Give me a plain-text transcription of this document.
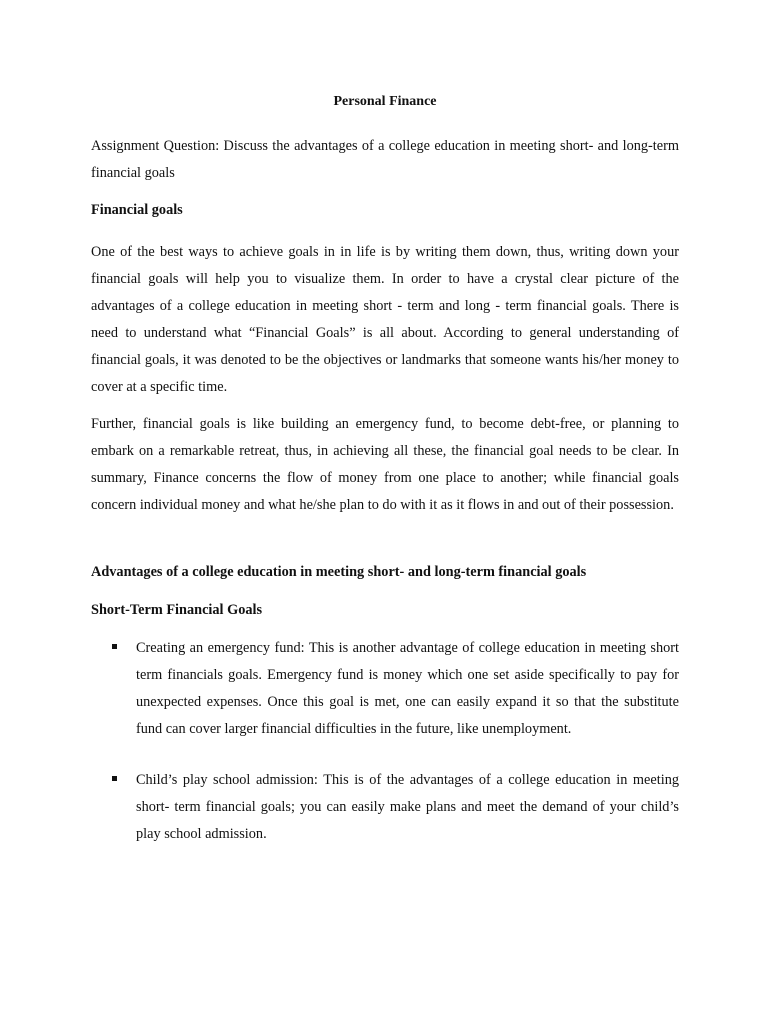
Personal Finance

Assignment Question: Discuss the advantages of a college education in meeting short- and long-term financial goals

Financial goals

One of the best ways to achieve goals in in life is by writing them down, thus, writing down your financial goals will help you to visualize them. In order to have a crystal clear picture of the advantages of a college education in meeting short - term and long - term financial goals. There is need to understand what “Financial Goals” is all about. According to general understanding of financial goals, it was denoted to be the objectives or landmarks that someone wants his/her money to cover at a specific time.

Further, financial goals is like building an emergency fund, to become debt-free, or planning to embark on a remarkable retreat, thus, in achieving all these, the financial goal needs to be clear. In summary, Finance concerns the flow of money from one place to another; while financial goals concern individual money and what he/she plan to do with it as it flows in and out of their possession.

Advantages of a college education in meeting short- and long-term financial goals
Short-Term Financial Goals
Creating an emergency fund: This is another advantage of college education in meeting short term financials goals. Emergency fund is money which one set aside specifically to pay for unexpected expenses. Once this goal is met, one can easily expand it so that the substitute fund can cover larger financial difficulties in the future, like unemployment.
Child’s play school admission: This is of the advantages of a college education in meeting short- term financial goals; you can easily make plans and meet the demand of your child’s play school admission.
